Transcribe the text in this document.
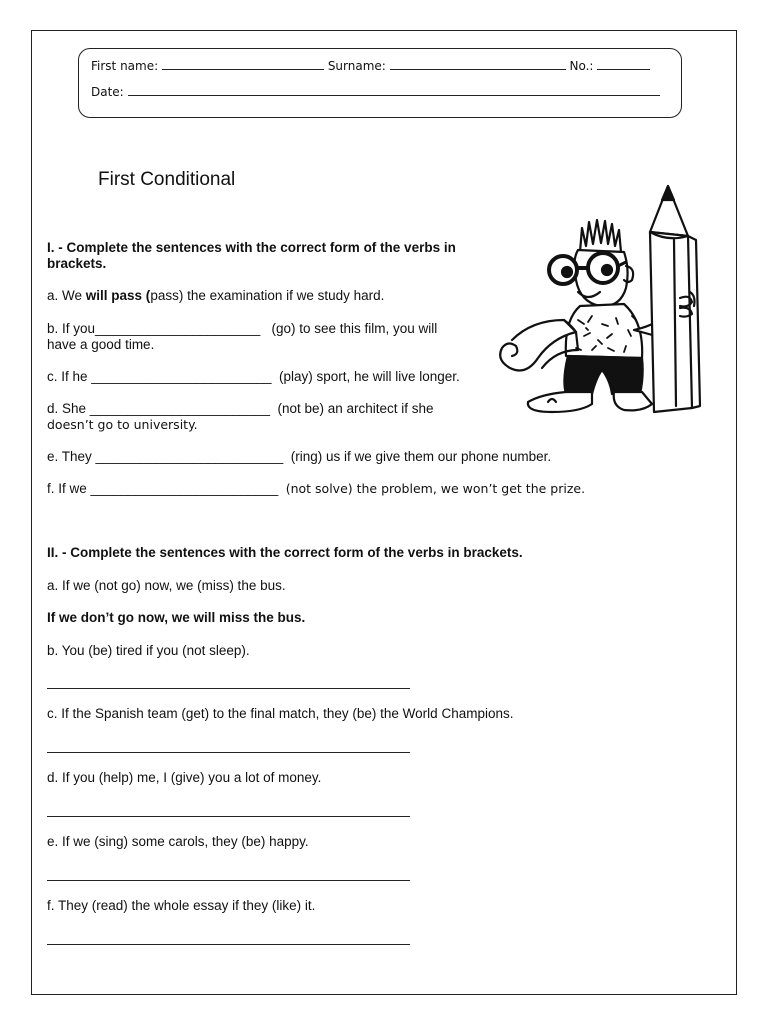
First name:	Surname:	No.:
Date:
First Conditional
I. - Complete the sentences with the correct form of the verbs in
brackets.
a. We will pass (pass) the examination if we study hard.
b. If you______________________   (go) to see this film, you will
have a good time.
c. If he ________________________  (play) sport, he will live longer.
d. She ________________________  (not be) an architect if she
doesn’t go to university.
e. They _________________________  (ring) us if we give them our phone number.
f. If we _________________________  (not solve) the problem, we won’t get the prize.
II. - Complete the sentences with the correct form of the verbs in brackets.
a. If we (not go) now, we (miss) the bus.
If we don’t go now, we will miss the bus.
b. You (be) tired if you (not sleep).
c. If the Spanish team (get) to the final match, they (be) the World Champions.
d. If you (help) me, I (give) you a lot of money.
e. If we (sing) some carols, they (be) happy.
f. They (read) the whole essay if they (like) it.
